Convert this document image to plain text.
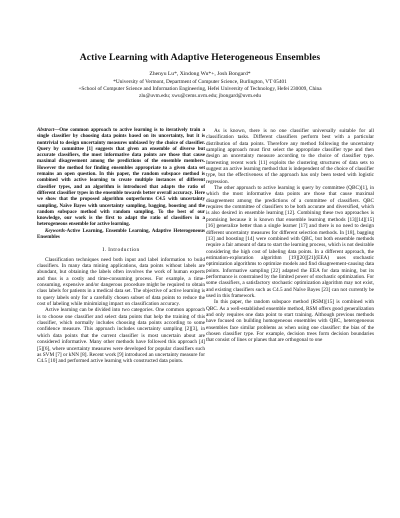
Active Learning with Adaptive Heterogeneous Ensembles
Zhenyu Lu*, Xindong Wu*+, Josh Bongard*
*University of Vermont, Department of Computer Science, Burlington, VT 05401
+School of Computer Science and Information Engineering, Hefei University of Technology, Hefei 230009, China
zlu@uvm.edu; xwu@cems.uvm.edu; jbongard@uvm.edu

Abstract—One common approach to active learning is to iteratively train a single classifier by choosing data points based on its uncertainty, but it is nontrivial to design uncertainty measures unbiased by the choice of classifier. Query by committee [1] suggests that given an ensemble of diverse but accurate classifiers, the most informative data points are those that cause maximal disagreement among the predictions of the ensemble members. However the method for finding ensembles appropriate to a given data set remains an open question. In this paper, the random subspace method is combined with active learning to create multiple instances of different classifier types, and an algorithm is introduced that adapts the ratio of different classifier types in the ensemble towards better overall accuracy. Here we show that the proposed algorithm outperforms C4.5 with uncertainty sampling, Naïve Bayes with uncertainty sampling, bagging, boosting and the random subspace method with random sampling. To the best of our knowledge, our work is the first to adapt the ratio of classifiers in a heterogeneous ensemble for active learning.

Keywords-Active Learning, Ensemble Learning, Adaptive Heterogeneous Ensembles

I. Introduction

Classification techniques need both input and label information to build classifiers. In many data mining applications, data points without labels are abundant, but obtaining the labels often involves the work of human experts and thus is a costly and time-consuming process. For example, a time-consuming, expensive and/or dangerous procedure might be required to obtain class labels for patients in a medical data set. The objective of active learning is to query labels only for a carefully chosen subset of data points to reduce the cost of labeling while minimizing impact on classification accuracy.

Active learning can be divided into two categories. One common approach is to choose one classifier and select data points that help the training of this classifier, which normally includes choosing data points according to some confidence measure. This approach includes uncertainty sampling [2][3], in which data points that the current classifier is most uncertain about are considered informative. Many other methods have followed this approach [4][5][6], where uncertainty measures were developed for popular classifiers such as SVM [7] or kNN [8]. Recent work [9] introduced an uncertainty measure for C4.5 [10] and performed active learning with constructed data points.

As is known, there is no one classifier universally suitable for all classification tasks. Different classifiers perform best with a particular distribution of data points. Therefore any method following the uncertainty sampling approach must first select the appropriate classifier type and then design an uncertainty measure according to the choice of classifier type. Interesting recent work [11] exploits the clustering structures of data sets to suggest an active learning method that is independent of the choice of classifier type, but the effectiveness of the approach has only been tested with logistic regression.

The other approach to active learning is query by committee (QBC)[1], in which the most informative data points are those that cause maximal disagreement among the predictions of a committee of classifiers. QBC requires the committee of classifiers to be both accurate and diversified, which is also desired in ensemble learning [12]. Combining these two approaches is promising because it is known that ensemble learning methods [13][14][15][16] generalize better than a single learner [17] and there is no need to design different uncertainty measures for different selection methods. In [18], bagging [13] and boosting [14] were combined with QBC, but both ensemble methods require a fair amount of data to start the learning process, which is not desirable considering the high cost of labeling data points. In a different approach, the estimation-exploration algorithm [19][20][21](EEA) uses stochastic optimization algorithms to optimize models and find disagreement-causing data points. Informative sampling [22] adapted the EEA for data mining, but its performance is constrained by the limited power of stochastic optimization. For some classifiers, a satisfactory stochastic optimization algorithm may not exist, and existing classifiers such as C4.5 and Naïve Bayes [23] can not currently be used in this framework.

In this paper, the random subspace method (RSM)[15] is combined with QBC. As a well-established ensemble method, RSM offers good generalization and only requires one data point to start training. Although previous methods have focused on building homogeneous ensembles with QBC, heterogeneous ensembles face similar problems as when using one classifier: the bias of the chosen classifier type. For example, decision trees form decision boundaries that consist of lines or planes that are orthogonal to one
